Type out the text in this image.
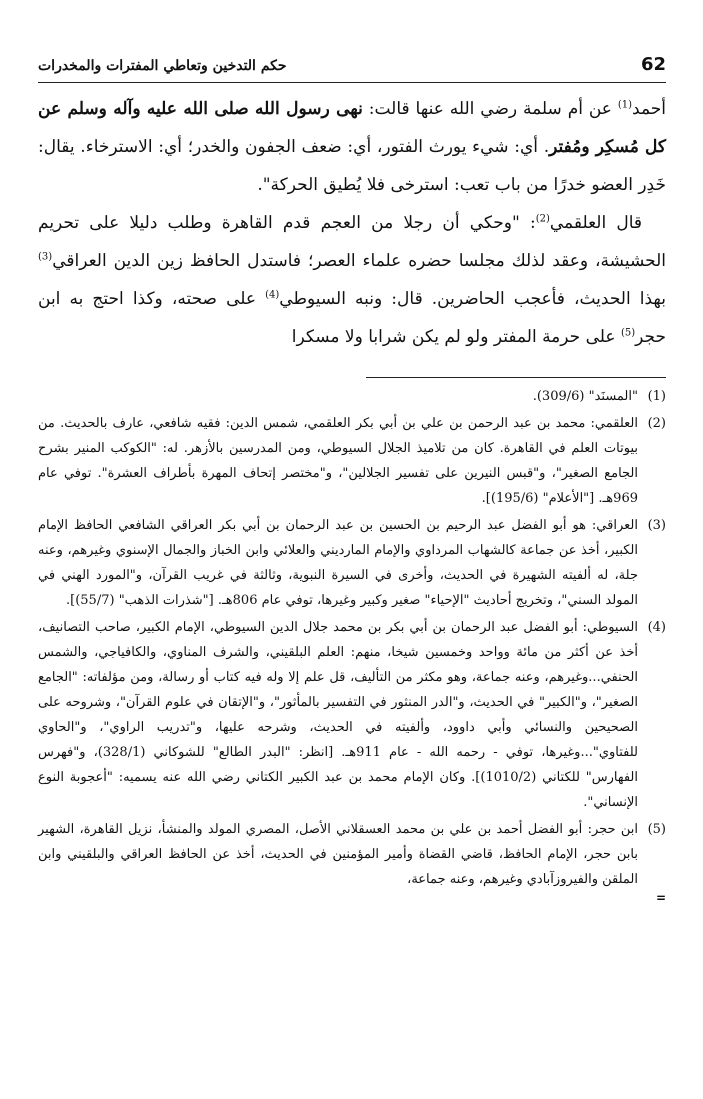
62
حكم التدخين وتعاطي المفترات والمخدرات

أحمد$^{(1)}$ عن أم سلمة رضي الله عنها قالت: نهى رسول الله صلى الله عليه وآله وسلم عن كل مُسكِر ومُفتر. أي: شيء يورث الفتور، أي: ضعف الجفون والخدر؛ أي: الاسترخاء. يقال: خَدِر العضو خدرًا من باب تعب: استرخى فلا يُطيق الحركة".

قال العلقمي$^{(2)}$: "وحكي أن رجلا من العجم قدم القاهرة وطلب دليلا على تحريم الحشيشة، وعقد لذلك مجلسا حضره علماء العصر؛ فاستدل الحافظ زين الدين العراقي$^{(3)}$ بهذا الحديث، فأعجب الحاضرين. قال: ونبه السيوطي$^{(4)}$ على صحته، وكذا احتج به ابن حجر$^{(5)}$ على حرمة المفتر ولو لم يكن شرابا ولا مسكرا

(1)
"المسنَد" (309/6).
(2)
العلقمي: محمد بن عبد الرحمن بن علي بن أبي بكر العلقمي، شمس الدين: فقيه شافعي، عارف بالحديث. من بيوتات العلم في القاهرة. كان من تلاميذ الجلال السيوطي، ومن المدرسين بالأزهر. له: "الكوكب المنير بشرح الجامع الصغير"، و"قبس النيرين على تفسير الجلالين"، و"مختصر إتحاف المهرة بأطراف العشرة". توفي عام 969هـ. ["الأعلام" (195/6)].
(3)
العراقي: هو أبو الفضل عبد الرحيم بن الحسين بن عبد الرحمان بن أبي بكر العراقي الشافعي الحافظ الإمام الكبير، أخذ عن جماعة كالشهاب المرداوي والإمام المارديني والعلائي وابن الخباز والجمال الإسنوي وغيرهم، وعنه جلة، له ألفيته الشهيرة في الحديث، وأخرى في السيرة النبوية، وثالثة في غريب القرآن، و"المورد الهني في المولد السني"، وتخريج أحاديث "الإحياء" صغير وكبير وغيرها، توفي عام 806هـ. ["شذرات الذهب" (55/7)].
(4)
السيوطي: أبو الفضل عبد الرحمان بن أبي بكر بن محمد جلال الدين السيوطي، الإمام الكبير، صاحب التصانيف، أخذ عن أكثر من مائة وواحد وخمسين شيخا، منهم: العلم البلقيني، والشرف المناوي، والكافياجي، والشمس الحنفي...وغيرهم، وعنه جماعة، وهو مكثر من التأليف، قل علم إلا وله فيه كتاب أو رسالة، ومن مؤلفاته: "الجامع الصغير"، و"الكبير" في الحديث، و"الدر المنثور في التفسير بالمأثور"، و"الإتقان في علوم القرآن"، وشروحه على الصحيحين والنسائي وأبي داوود، وألفيته في الحديث، وشرحه عليها، و"تدريب الراوي"، و"الحاوي للفتاوي"...وغيرها، توفي - رحمه الله - عام 911هـ. [انظر: "البدر الطالع" للشوكاني (328/1)، و"فهرس الفهارس" للكتاني (1010/2)]. وكان الإمام محمد بن عبد الكبير الكتاني رضي الله عنه يسميه: "أعجوبة النوع الإنساني".
(5)
ابن حجر: أبو الفضل أحمد بن علي بن محمد العسقلاني الأصل، المصري المولد والمنشأ، نزيل القاهرة، الشهير بابن حجر، الإمام الحافظ، قاضي القضاة وأمير المؤمنين في الحديث، أخذ عن الحافظ العراقي والبلقيني وابن الملقن والفيروزآبادي وغيرهم، وعنه جماعة،
=
